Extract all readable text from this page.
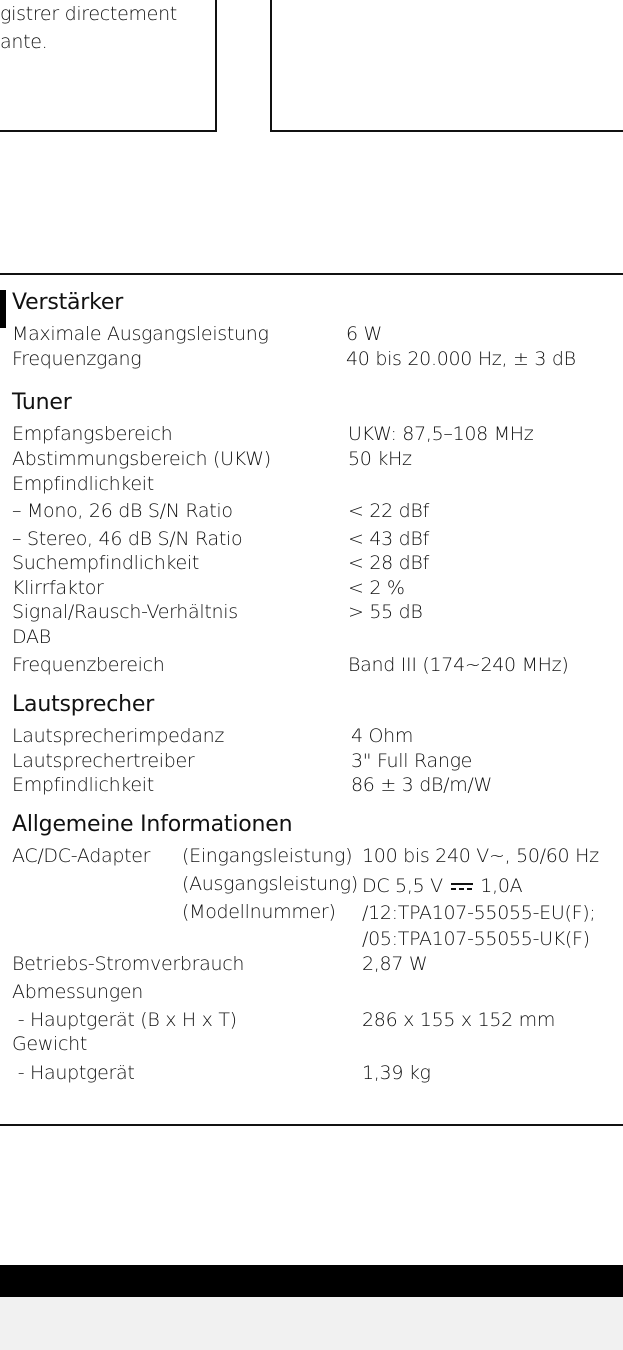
gistrer directement
ante.
Verstärker
Maximale Ausgangsleistung	6 W
Frequenzgang	40 bis 20.000 Hz, ± 3 dB
Tuner
Empfangsbereich	UKW: 87,5–108 MHz
Abstimmungsbereich (UKW)	50 kHz
Empfindlichkeit
– Mono, 26 dB S/N Ratio	< 22 dBf
– Stereo, 46 dB S/N Ratio	< 43 dBf
Suchempfindlichkeit	< 28 dBf
Klirrfaktor	< 2 %
Signal/Rausch-Verhältnis	> 55 dB
DAB
Frequenzbereich	Band III (174~240 MHz)
Lautsprecher
Lautsprecherimpedanz	4 Ohm
Lautsprechertreiber	3" Full Range
Empfindlichkeit	86 ± 3 dB/m/W
Allgemeine Informationen
AC/DC-Adapter (Eingangsleistung) 100 bis 240 V~, 50/60 Hz
(Ausgangsleistung) DC 5,5 V 1,0A
(Modellnummer) /12:TPA107-55055-EU(F);
/05:TPA107-55055-UK(F)
Betriebs-Stromverbrauch	2,87 W
Abmessungen
- Hauptgerät (B x H x T)	286 x 155 x 152 mm
Gewicht
- Hauptgerät	1,39 kg
